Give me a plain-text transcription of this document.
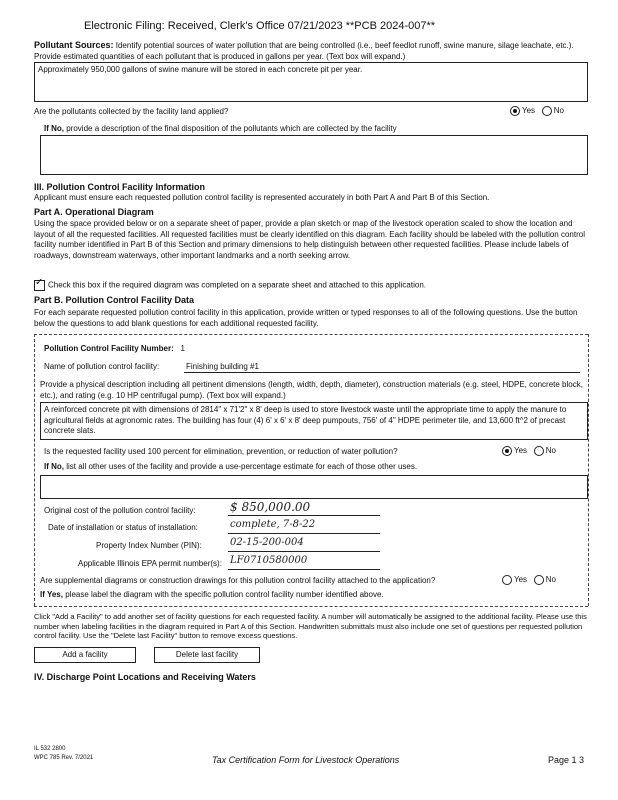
Electronic Filing: Received, Clerk's Office 07/21/2023 **PCB 2024-007**
Pollutant Sources: Identify potential sources of water pollution that are being controlled (i.e., beef feedlot runoff, swine manure, silage leachate, etc.). Provide estimated quantities of each pollutant that is produced in gallons per year. (Text box will expand.)
Approximately 950,000 gallons of swine manure will be stored in each concrete pit per year.
Are the pollutants collected by the facility land applied?	Yes No
If No, provide a description of the final disposition of the pollutants which are collected by the facility
III. Pollution Control Facility Information
Applicant must ensure each requested pollution control facility is represented accurately in both Part A and Part B of this Section.
Part A. Operational Diagram
Using the space provided below or on a separate sheet of paper, provide a plan sketch or map of the livestock operation scaled to show the location and layout of all the requested facilities. All requested facilities must be clearly identified on this diagram. Each facility should be labeled with the pollution control facility number identified in Part B of this Section and primary dimensions to help distinguish between other requested facilities. Please include labels of roadways, downstream waterways, other important landmarks and a north seeking arrow.
✓Check this box if the required diagram was completed on a separate sheet and attached to this application.
Part B. Pollution Control Facility Data
For each separate requested pollution control facility in this application, provide written or typed responses to all of the following questions. Use the button below the questions to add blank questions for each additional requested facility.
Pollution Control Facility Number: 1
Name of pollution control facility:	Finishing building #1
Provide a physical description including all pertinent dimensions (length, width, depth, diameter), construction materials (e.g. steel, HDPE, concrete block, etc.), and rating (e.g. 10 HP centrifugal pump). (Text box will expand.)
A reinforced concrete pit with dimensions of 2814" x 71'2" x 8' deep is used to store livestock waste until the appropriate time to apply the manure to agricultural fields at agronomic rates. The building has four (4) 6' x 6' x 8' deep pumpouts, 756' of 4" HDPE perimeter tile, and 13,600 ft^2 of precast concrete slats.
Is the requested facility used 100 percent for elimination, prevention, or reduction of water pollution?	Yes No
If No, list all other uses of the facility and provide a use-percentage estimate for each of those other uses.
Original cost of the pollution control facility:	$ 850,000.00
Date of installation or status of installation:	complete, 7-8-22
Property Index Number (PIN):	02-15-200-004
Applicable Illinois EPA permit number(s): LF0710580000
Are supplemental diagrams or construction drawings for this pollution control facility attached to the application?	Yes No
If Yes, please label the diagram with the specific pollution control facility number identified above.
Click "Add a Facility" to add another set of facility questions for each requested facility. A number will automatically be assigned to the additional facility. Please use this number when labeling facilities in the diagram required in Part A of this Section. Handwritten submittals must also include one set of questions per requested pollution control facility. Use the "Delete last Facility" button to remove excess questions.
Add a facility	Delete last facility
IV. Discharge Point Locations and Receiving Waters
IL 532 2800
WPC 785 Rev. 7/2021	Tax Certification Form for Livestock Operations	Page 1 3
